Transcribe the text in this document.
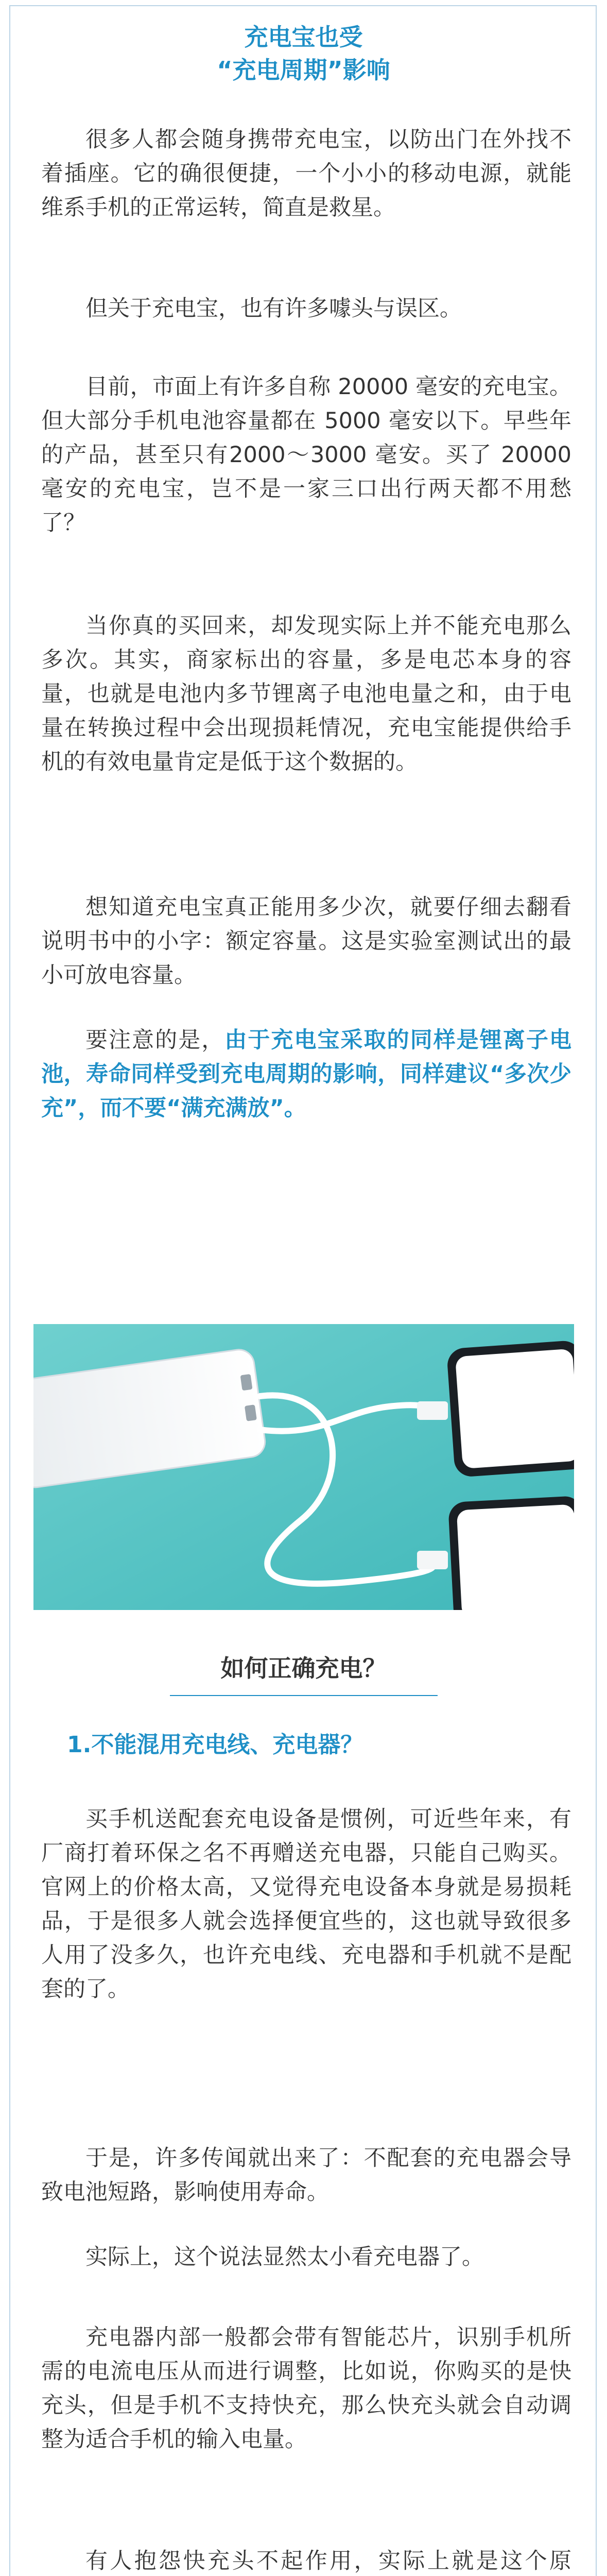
充电宝也受
“充电周期”影响

很多人都会随身携带充电宝，以防出门在外找不着插座。它的确很便捷，一个小小的移动电源，就能维系手机的正常运转，简直是救星。

但关于充电宝，也有许多噱头与误区。

目前，市面上有许多自称 20000 毫安的充电宝。但大部分手机电池容量都在 5000 毫安以下。早些年的产品，甚至只有2000～3000 毫安。买了 20000 毫安的充电宝，岂不是一家三口出行两天都不用愁了？

当你真的买回来，却发现实际上并不能充电那么多次。其实，商家标出的容量，多是电芯本身的容量，也就是电池内多节锂离子电池电量之和，由于电量在转换过程中会出现损耗情况，充电宝能提供给手机的有效电量肯定是低于这个数据的。

想知道充电宝真正能用多少次，就要仔细去翻看说明书中的小字：额定容量。这是实验室测试出的最小可放电容量。

要注意的是，由于充电宝采取的同样是锂离子电池，寿命同样受到充电周期的影响，同样建议“多次少充”，而不要“满充满放”。

如何正确充电？
1.不能混用充电线、充电器？

买手机送配套充电设备是惯例，可近些年来，有厂商打着环保之名不再赠送充电器，只能自己购买。官网上的价格太高，又觉得充电设备本身就是易损耗品，于是很多人就会选择便宜些的，这也就导致很多人用了没多久，也许充电线、充电器和手机就不是配套的了。

于是，许多传闻就出来了：不配套的充电器会导致电池短路，影响使用寿命。

实际上，这个说法显然太小看充电器了。

充电器内部一般都会带有智能芯片，识别手机所需的电流电压从而进行调整，比如说，你购买的是快充头，但是手机不支持快充，那么快充头就会自动调整为适合手机的输入电量。

有人抱怨快充头不起作用，实际上就是这个原
